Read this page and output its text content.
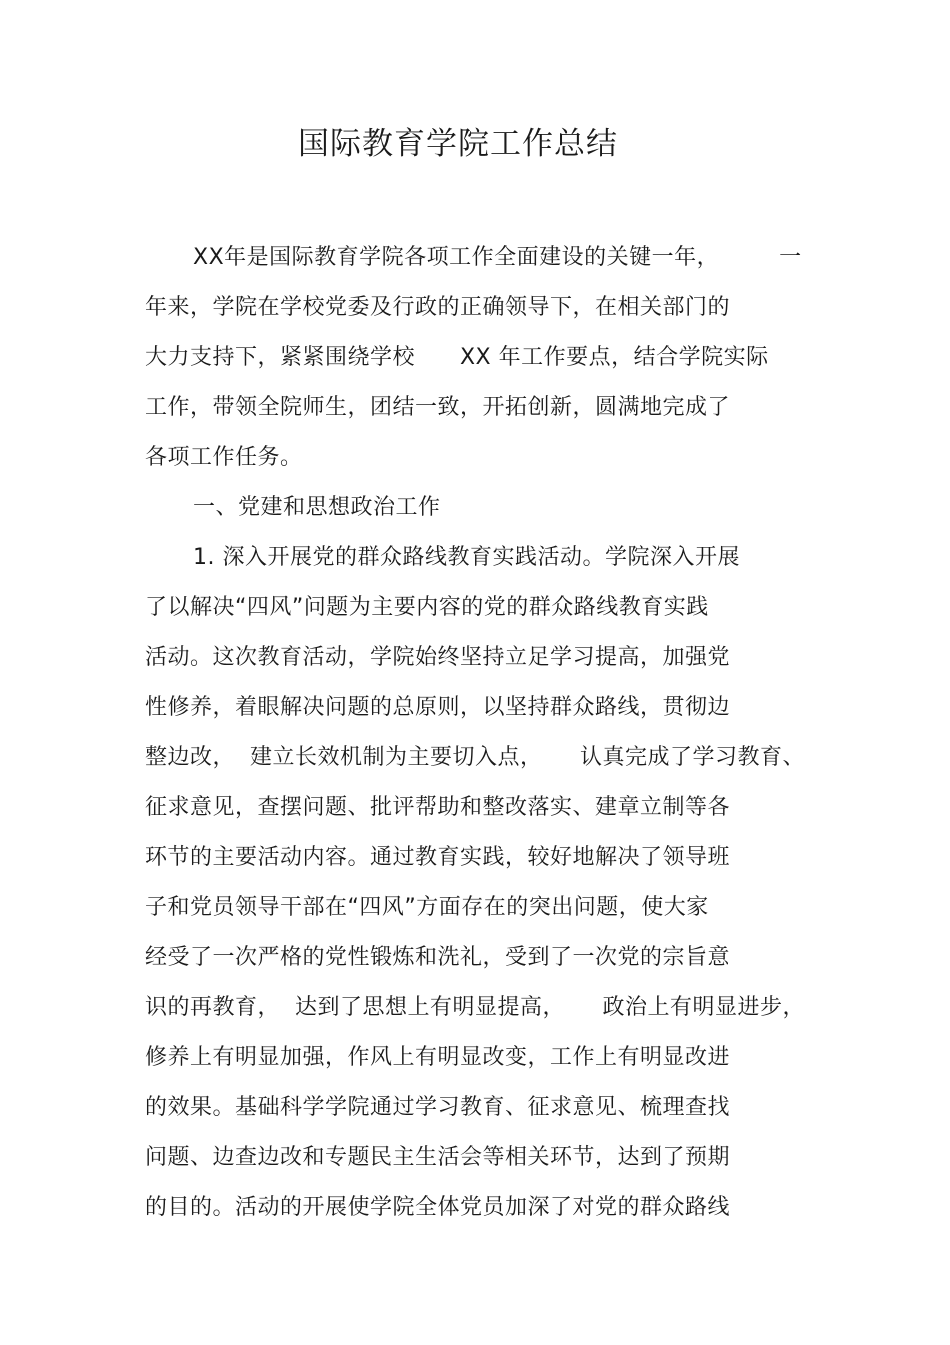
国际教育学院工作总结
XX年是国际教育学院各项工作全面建设的关键一年，        一
年来，学院在学校党委及行政的正确领导下，在相关部门的
大力支持下，紧紧围绕学校      XX 年工作要点，结合学院实际
工作，带领全院师生，团结一致，开拓创新，圆满地完成了
各项工作任务。
一、党建和思想政治工作
1. 深入开展党的群众路线教育实践活动。学院深入开展
了以解决“四风”问题为主要内容的党的群众路线教育实践
活动。这次教育活动，学院始终坚持立足学习提高，加强党
性修养，着眼解决问题的总原则，以坚持群众路线，贯彻边
整边改，  建立长效机制为主要切入点，     认真完成了学习教育、
征求意见，查摆问题、批评帮助和整改落实、建章立制等各
环节的主要活动内容。通过教育实践，较好地解决了领导班
子和党员领导干部在“四风”方面存在的突出问题，使大家
经受了一次严格的党性锻炼和洗礼，受到了一次党的宗旨意
识的再教育，  达到了思想上有明显提高，     政治上有明显进步，
修养上有明显加强，作风上有明显改变，工作上有明显改进
的效果。基础科学学院通过学习教育、征求意见、梳理查找
问题、边查边改和专题民主生活会等相关环节，达到了预期
的目的。活动的开展使学院全体党员加深了对党的群众路线
